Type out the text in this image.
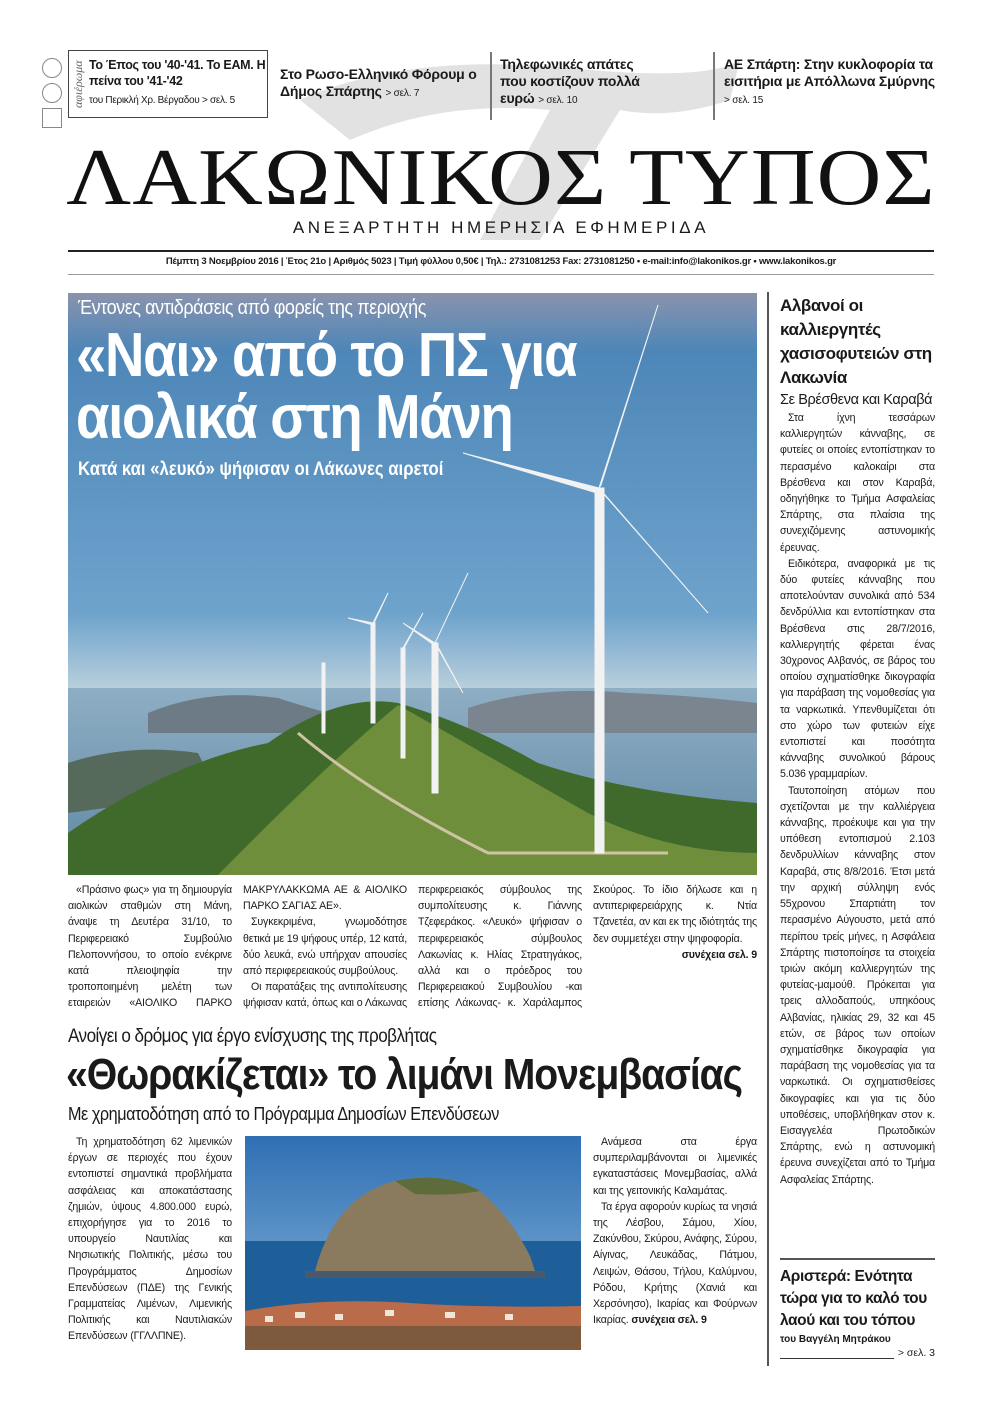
αφιέρωμα Το Έπος του '40-'41. Το ΕΑΜ. Η πείνα του '41-'42
του Περικλή Χρ. Βέργαδου > σελ. 5
Στο Ρωσο-Ελληνικό Φόρουμ ο Δήμος Σπάρτης > σελ. 7
Τηλεφωνικές απάτες που κοστίζουν πολλά ευρώ > σελ. 10
ΑΕ Σπάρτη: Στην κυκλοφορία τα εισιτήρια με Απόλλωνα Σμύρνης > σελ. 15
ΛΑΚΩΝΙΚΟΣ ΤΥΠΟΣ
ΑΝΕΞΑΡΤΗΤΗ ΗΜΕΡΗΣΙΑ ΕΦΗΜΕΡΙΔΑ
Πέμπτη 3 Νοεμβρίου 2016 | Έτος 21ο | Αριθμός 5023 | Τιμή φύλλου 0,50€ | Τηλ.: 2731081253 Fax: 2731081250 • e-mail:info@lakonikos.gr • www.lakonikos.gr
Έντονες αντιδράσεις από φορείς της περιοχής
«Ναι» από το ΠΣ για αιολικά στη Μάνη
Κατά και «λευκό» ψήφισαν οι Λάκωνες αιρετοί

«Πράσινο φως» για τη δημιουργία αιολικών σταθμών στη Μάνη, άναψε τη Δευτέρα 31/10, το Περιφερειακό Συμβούλιο Πελοποννήσου, το οποίο ενέκρινε κατά πλειοψηφία την τροποποιημένη μελέτη των εταιρειών «ΑΙΟΛΙΚΟ ΠΑΡΚΟ ΜΑΚΡΥΛΑΚΚΩΜΑ ΑΕ & ΑΙΟΛΙΚΟ ΠΑΡΚΟ ΣΑΓΙΑΣ ΑΕ».

Συγκεκριμένα, γνωμοδότησε θετικά με 19 ψήφους υπέρ, 12 κατά, δύο λευκά, ενώ υπήρχαν απουσίες από περιφερειακούς συμβούλους.

Οι παρατάξεις της αντιπολίτευσης ψήφισαν κατά, όπως και ο Λάκωνας περιφερειακός σύμβουλος της συμπολίτευσης κ. Γιάννης Τζεφεράκος. «Λευκό» ψήφισαν ο περιφερειακός σύμβουλος Λακωνίας κ. Ηλίας Στρατηγάκος, αλλά και ο πρόεδρος του Περιφερειακού Συμβουλίου -και επίσης Λάκωνας- κ. Χαράλαμπος Σκούρος. Το ίδιο δήλωσε και η αντιπεριφερειάρχης κ. Ντία Τζανετέα, αν και εκ της ιδιότητάς της δεν συμμετέχει στην ψηφοφορία.

συνέχεια σελ. 9

Ανοίγει ο δρόμος για έργο ενίσχυσης της προβλήτας
«Θωρακίζεται» το λιμάνι Μονεμβασίας
Με χρηματοδότηση από το Πρόγραμμα Δημοσίων Επενδύσεων

Τη χρηματοδότηση 62 λιμενικών έργων σε περιοχές που έχουν εντοπιστεί σημαντικά προβλήματα ασφάλειας και αποκατάστασης ζημιών, ύψους 4.800.000 ευρώ, επιχορήγησε για το 2016 το υπουργείο Ναυτιλίας και Νησιωτικής Πολιτικής, μέσω του Προγράμματος Δημοσίων Επενδύσεων (ΠΔΕ) της Γενικής Γραμματείας Λιμένων, Λιμενικής Πολιτικής και Ναυτιλιακών Επενδύσεων (ΓΓΛΛΠΝΕ).

Ανάμεσα στα έργα συμπεριλαμβάνονται οι λιμενικές εγκαταστάσεις Μονεμβασίας, αλλά και της γειτονικής Καλαμάτας.

Τα έργα αφορούν κυρίως τα νησιά της Λέσβου, Σάμου, Χίου, Ζακύνθου, Σκύρου, Ανάφης, Σύρου, Αίγινας, Λευκάδας, Πάτμου, Λειψών, Θάσου, Τήλου, Καλύμνου, Ρόδου, Κρήτης (Χανιά και Χερσόνησο), Ικαρίας και Φούρνων Ικαρίας. συνέχεια σελ. 9

Αλβανοί οι καλλιεργητές χασισοφυτειών στη Λακωνία
Σε Βρέσθενα και Καραβά

Στα ίχνη τεσσάρων καλλιεργητών κάνναβης, σε φυτείες οι οποίες εντοπίστηκαν το περασμένο καλοκαίρι στα Βρέσθενα και στον Καραβά, οδηγήθηκε το Τμήμα Ασφαλείας Σπάρτης, στα πλαίσια της συνεχιζόμενης αστυνομικής έρευνας.

Ειδικότερα, αναφορικά με τις δύο φυτείες κάνναβης που αποτελούνταν συνολικά από 534 δενδρύλλια και εντοπίστηκαν στα Βρέσθενα στις 28/7/2016, καλλιεργητής φέρεται ένας 30χρονος Αλβανός, σε βάρος του οποίου σχηματίσθηκε δικογραφία για παράβαση της νομοθεσίας για τα ναρκωτικά. Υπενθυμίζεται ότι στο χώρο των φυτειών είχε εντοπιστεί και ποσότητα κάνναβης συνολικού βάρους 5.036 γραμμαρίων.

Ταυτοποίηση ατόμων που σχετίζονται με την καλλιέργεια κάνναβης, προέκυψε και για την υπόθεση εντοπισμού 2.103 δενδρυλλίων κάνναβης στον Καραβά, στις 8/8/2016. Έτσι μετά την αρχική σύλληψη ενός 55χρονου Σπαρτιάτη τον περασμένο Αύγουστο, μετά από περίπου τρείς μήνες, η Ασφάλεια Σπάρτης πιστοποίησε τα στοιχεία τριών ακόμη καλλιεργητών της φυτείας-μαμούθ. Πρόκειται για τρεις αλλοδαπούς, υπηκόους Αλβανίας, ηλικίας 29, 32 και 45 ετών, σε βάρος των οποίων σχηματίσθηκε δικογραφία για παράβαση της νομοθεσίας για τα ναρκωτικά. Οι σχηματισθείσες δικογραφίες και για τις δύο υποθέσεις, υποβλήθηκαν στον κ. Εισαγγελέα Πρωτοδικών Σπάρτης, ενώ η αστυνομική έρευνα συνεχίζεται από το Τμήμα Ασφαλείας Σπάρτης.

Αριστερά: Ενότητα τώρα για το καλό του λαού και του τόπου
του Βαγγέλη Μητράκου
> σελ. 3
